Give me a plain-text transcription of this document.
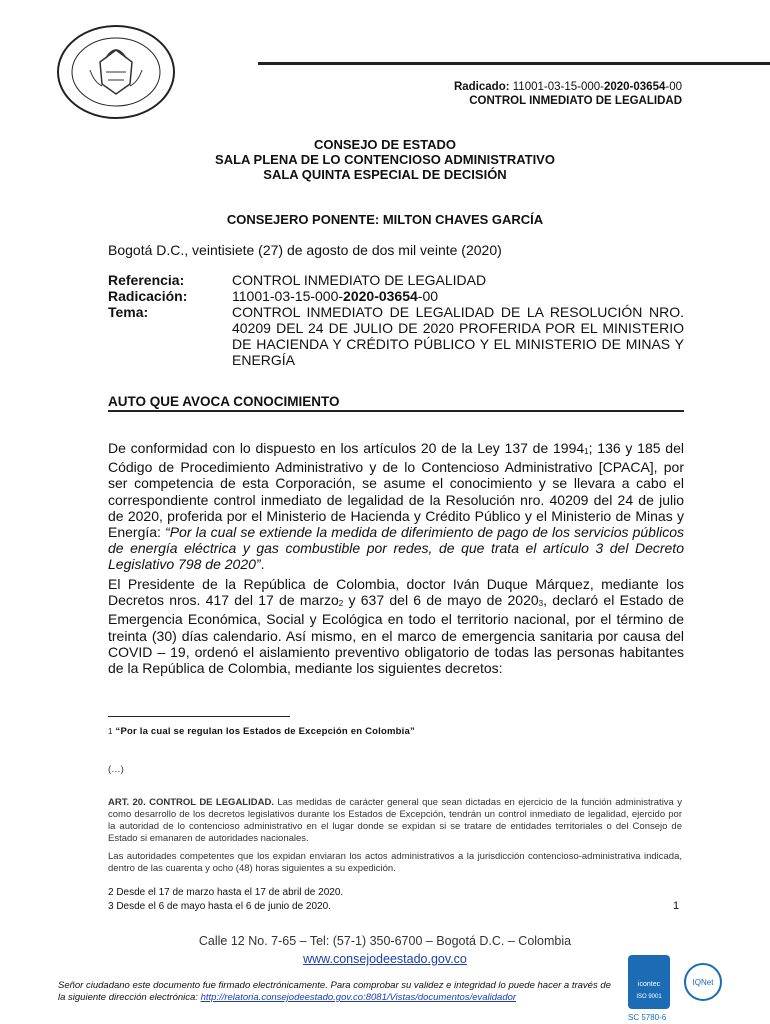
Radicado: 11001-03-15-000-2020-03654-00
CONTROL INMEDIATO DE LEGALIDAD
CONSEJO DE ESTADO
SALA PLENA DE LO CONTENCIOSO ADMINISTRATIVO
SALA QUINTA ESPECIAL DE DECISIÓN
CONSEJERO PONENTE: MILTON CHAVES GARCÍA
Bogotá D.C., veintisiete (27) de agosto de dos mil veinte (2020)
Referencia:	CONTROL INMEDIATO DE LEGALIDAD
Radicación:	11001-03-15-000-2020-03654-00
Tema:	CONTROL INMEDIATO DE LEGALIDAD DE LA RESOLUCIÓN NRO. 40209 DEL 24 DE JULIO DE 2020 PROFERIDA POR EL MINISTERIO DE HACIENDA Y CRÉDITO PÚBLICO Y EL MINISTERIO DE MINAS Y ENERGÍA
AUTO QUE AVOCA CONOCIMIENTO
De conformidad con lo dispuesto en los artículos 20 de la Ley 137 de 1994$^1$; 136 y 185 del Código de Procedimiento Administrativo y de lo Contencioso Administrativo [CPACA], por ser competencia de esta Corporación, se asume el conocimiento y se llevara a cabo el correspondiente control inmediato de legalidad de la Resolución nro. 40209 del 24 de julio de 2020, proferida por el Ministerio de Hacienda y Crédito Público y el Ministerio de Minas y Energía: “Por la cual se extiende la medida de diferimiento de pago de los servicios públicos de energía eléctrica y gas combustible por redes, de que trata el artículo 3 del Decreto Legislativo 798 de 2020”.
El Presidente de la República de Colombia, doctor Iván Duque Márquez, mediante los Decretos nros. 417 del 17 de marzo$^2$ y 637 del 6 de mayo de 2020$^3$, declaró el Estado de Emergencia Económica, Social y Ecológica en todo el territorio nacional, por el término de treinta (30) días calendario. Así mismo, en el marco de emergencia sanitaria por causa del COVID – 19, ordenó el aislamiento preventivo obligatorio de todas las personas habitantes de la República de Colombia, mediante los siguientes decretos:
1 “Por la cual se regulan los Estados de Excepción en Colombia”
(…)
ART. 20. CONTROL DE LEGALIDAD. Las medidas de carácter general que sean dictadas en ejercicio de la función administrativa y como desarrollo de los decretos legislativos durante los Estados de Excepción, tendrán un control inmediato de legalidad, ejercido por la autoridad de lo contencioso administrativo en el lugar donde se expidan si se tratare de entidades territoriales o del Consejo de Estado si emanaren de autoridades nacionales.
Las autoridades competentes que los expidan enviaran los actos administrativos a la jurisdicción contencioso-administrativa indicada, dentro de las cuarenta y ocho (48) horas siguientes a su expedición.
2 Desde el 17 de marzo hasta el 17 de abril de 2020.
3 Desde el 6 de mayo hasta el 6 de junio de 2020.	1
Calle 12 No. 7-65 – Tel: (57-1) 350-6700 – Bogotá D.C. – Colombia
www.consejodeestado.gov.co
Señor ciudadano este documento fue firmado electrónicamente. Para comprobar su validez e integridad lo puede hacer a través de la siguiente dirección electrónica: http://relatoria.consejodeestado.gov.co:8081/Vistas/documentos/evalidador
icontec
ISO 9001
IQNet
SC 5780-6
